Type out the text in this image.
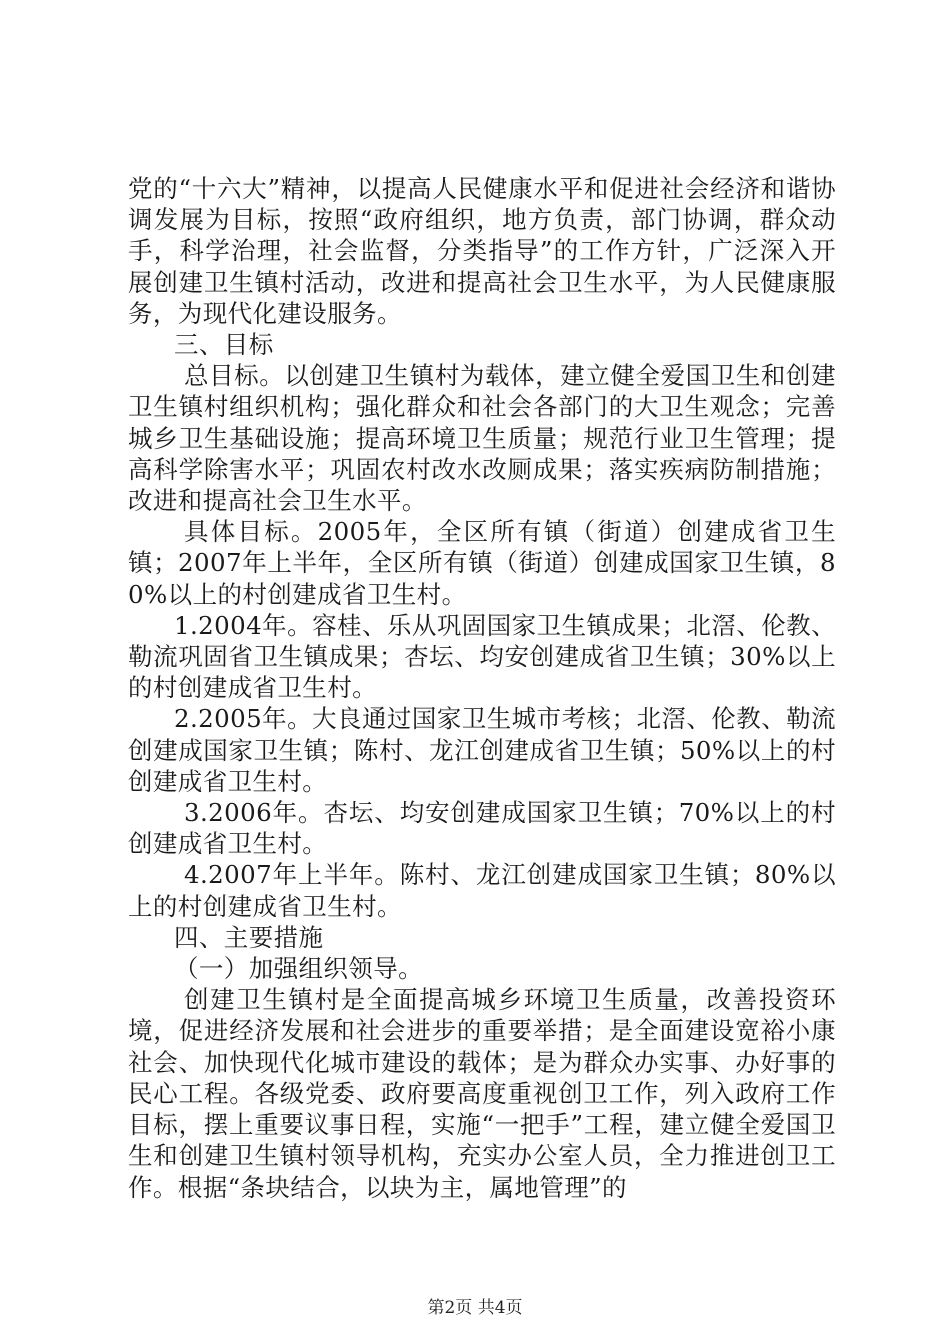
党的“十六大”精神，以提高人民健康水平和促进社会经济和谐协调发展为目标，按照“政府组织，地方负责，部门协调，群众动手，科学治理，社会监督，分类指导”的工作方针，广泛深入开展创建卫生镇村活动，改进和提高社会卫生水平，为人民健康服务，为现代化建设服务。

三、目标

总目标。以创建卫生镇村为载体，建立健全爱国卫生和创建卫生镇村组织机构；强化群众和社会各部门的大卫生观念；完善城乡卫生基础设施；提高环境卫生质量；规范行业卫生管理；提高科学除害水平；巩固农村改水改厕成果；落实疾病防制措施；改进和提高社会卫生水平。

具体目标。2005年，全区所有镇（街道）创建成省卫生镇；2007年上半年，全区所有镇（街道）创建成国家卫生镇，80%以上的村创建成省卫生村。

1.2004年。容桂、乐从巩固国家卫生镇成果；北滘、伦教、勒流巩固省卫生镇成果；杏坛、均安创建成省卫生镇；30%以上的村创建成省卫生村。

2.2005年。大良通过国家卫生城市考核；北滘、伦教、勒流创建成国家卫生镇；陈村、龙江创建成省卫生镇；50%以上的村创建成省卫生村。

3.2006年。杏坛、均安创建成国家卫生镇；70%以上的村创建成省卫生村。

4.2007年上半年。陈村、龙江创建成国家卫生镇；80%以上的村创建成省卫生村。

四、主要措施

（一）加强组织领导。

创建卫生镇村是全面提高城乡环境卫生质量，改善投资环境，促进经济发展和社会进步的重要举措；是全面建设宽裕小康社会、加快现代化城市建设的载体；是为群众办实事、办好事的民心工程。各级党委、政府要高度重视创卫工作，列入政府工作目标，摆上重要议事日程，实施“一把手”工程，建立健全爱国卫生和创建卫生镇村领导机构，充实办公室人员，全力推进创卫工作。根据“条块结合，以块为主，属地管理”的

第2页 共4页
